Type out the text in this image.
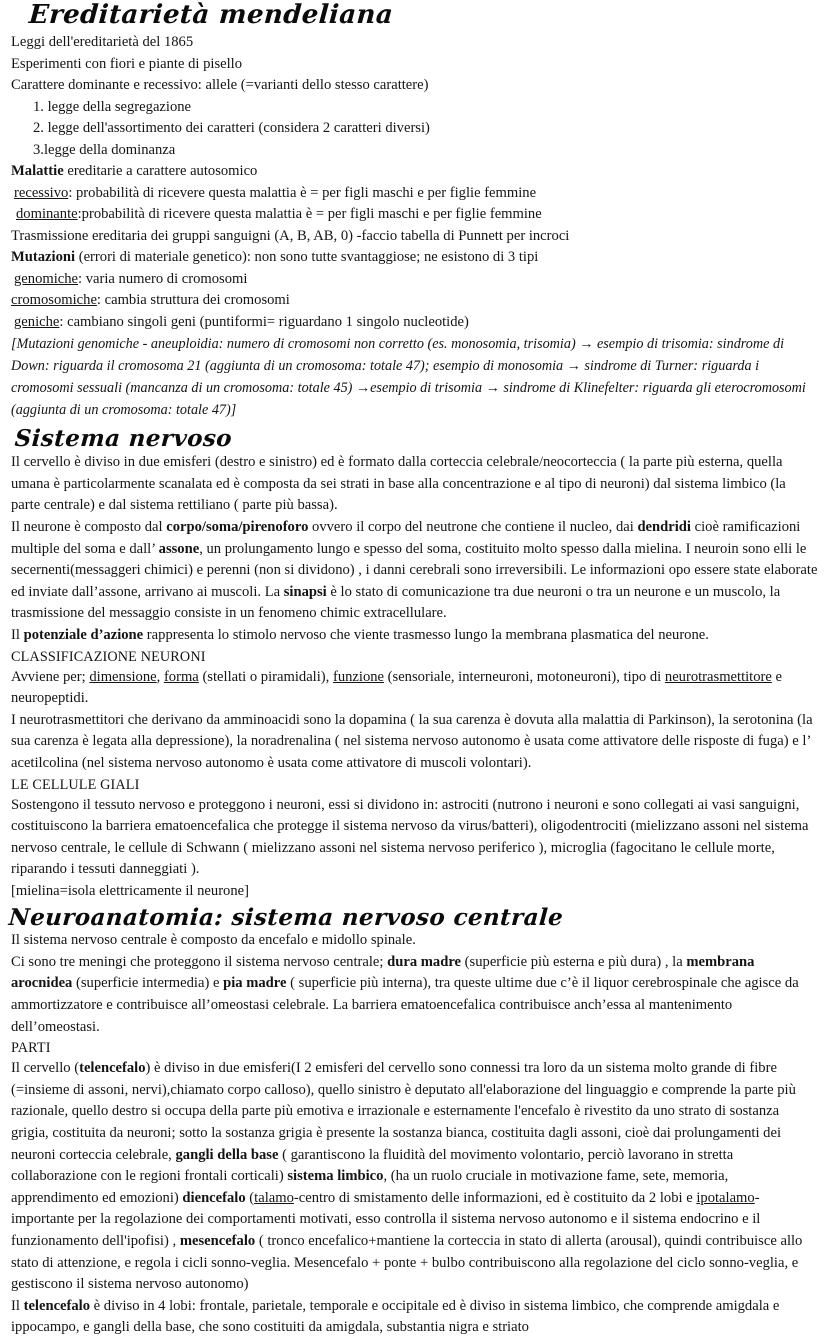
Ereditarietà mendeliana
Leggi dell'ereditarietà del 1865
Esperimenti con fiori e piante di pisello
Carattere dominante e recessivo: allele (=varianti dello stesso carattere)
1. legge della segregazione
2. legge dell'assortimento dei caratteri (considera 2 caratteri diversi)
3.legge della dominanza
Malattie ereditarie a carattere autosomico
recessivo: probabilità di ricevere questa malattia è = per figli maschi e per figlie femmine
dominante:probabilità di ricevere questa malattia è = per figli maschi e per figlie femmine
Trasmissione ereditaria dei gruppi sanguigni (A, B, AB, 0) -faccio tabella di Punnett per incroci
Mutazioni (errori di materiale genetico): non sono tutte svantaggiose; ne esistono di 3 tipi
genomiche: varia numero di cromosomi
cromosomiche: cambia struttura dei cromosomi
geniche: cambiano singoli geni (puntiformi= riguardano 1 singolo nucleotide)
[Mutazioni genomiche - aneuploidia: numero di cromosomi non corretto (es. monosomia, trisomia) → esempio di trisomia: sindrome di Down: riguarda il cromosoma 21 (aggiunta di un cromosoma: totale 47); esempio di monosomia → sindrome di Turner: riguarda i cromosomi sessuali (mancanza di un cromosoma: totale 45) →esempio di trisomia → sindrome di Klinefelter: riguarda gli eterocromosomi (aggiunta di un cromosoma: totale 47)]
Sistema nervoso
Il cervello è diviso in due emisferi (destro e sinistro) ed è formato dalla corteccia celebrale/neocorteccia ( la parte più esterna, quella umana è particolarmente scanalata ed è composta da sei strati in base alla concentrazione e al tipo di neuroni) dal sistema limbico (la parte centrale) e dal sistema rettiliano ( parte più bassa).
Il neurone è composto dal corpo/soma/pirenoforo ovvero il corpo del neutrone che contiene il nucleo, dai dendridi cioè ramificazioni multiple del soma e dall’ assone, un prolungamento lungo e spesso del soma, costituito molto spesso dalla mielina. I neuroin sono elli le secernenti(messaggeri chimici) e perenni (non si dividono) , i danni cerebrali sono irreversibili. Le informazioni opo essere state elaborate ed inviate dall’assone, arrivano ai muscoli. La sinapsi è lo stato di comunicazione tra due neuroni o tra un neurone e un muscolo, la trasmissione del messaggio consiste in un fenomeno chimic extracellulare.
Il potenziale d’azione rappresenta lo stimolo nervoso che viente trasmesso lungo la membrana plasmatica del neurone.
CLASSIFICAZIONE NEURONI
Avviene per; dimensione, forma (stellati o piramidali), funzione (sensoriale, interneuroni, motoneuroni), tipo di neurotrasmettitore e neuropeptidi.
I neurotrasmettitori che derivano da amminoacidi sono la dopamina ( la sua carenza è dovuta alla malattia di Parkinson), la serotonina (la sua carenza è legata alla depressione), la noradrenalina ( nel sistema nervoso autonomo è usata come attivatore delle risposte di fuga) e l’ acetilcolina (nel sistema nervoso autonomo è usata come attivatore di muscoli volontari).
LE CELLULE GIALI
Sostengono il tessuto nervoso e proteggono i neuroni, essi si dividono in: astrociti (nutrono i neuroni e sono collegati ai vasi sanguigni, costituiscono la barriera ematoencefalica che protegge il sistema nervoso da virus/batteri), oligodentrociti (mielizzano assoni nel sistema nervoso centrale, le cellule di Schwann ( mielizzano assoni nel sistema nervoso periferico ), microglia (fagocitano le cellule morte, riparando i tessuti danneggiati ).
[mielina=isola elettricamente il neurone]
Neuroanatomia: sistema nervoso centrale
Il sistema nervoso centrale è composto da encefalo e midollo spinale.
Ci sono tre meningi che proteggono il sistema nervoso centrale; dura madre (superficie più esterna e più dura) , la membrana arocnidea (superficie intermedia) e pia madre ( superficie più interna), tra queste ultime due c’è il liquor cerebrospinale che agisce da ammortizzatore e contribuisce all’omeostasi celebrale. La barriera ematoencefalica contribuisce anch’essa al mantenimento dell’omeostasi.
PARTI
Il cervello (telencefalo) è diviso in due emisferi(I 2 emisferi del cervello sono connessi tra loro da un sistema molto grande di fibre (=insieme di assoni, nervi),chiamato corpo calloso), quello sinistro è deputato all'elaborazione del linguaggio e comprende la parte più razionale, quello destro si occupa della parte più emotiva e irrazionale e esternamente l'encefalo è rivestito da uno strato di sostanza grigia, costituita da neuroni; sotto la sostanza grigia è presente la sostanza bianca, costituita dagli assoni, cioè dai prolungamenti dei neuroni corteccia celebrale, gangli della base ( garantiscono la fluidità del movimento volontario, perciò lavorano in stretta collaborazione con le regioni frontali corticali) sistema limbico, (ha un ruolo cruciale in motivazione fame, sete, memoria, apprendimento ed emozioni) diencefalo (talamo-centro di smistamento delle informazioni, ed è costituito da 2 lobi e ipotalamo- importante per la regolazione dei comportamenti motivati, esso controlla il sistema nervoso autonomo e il sistema endocrino e il funzionamento dell'ipofisi) , mesencefalo ( tronco encefalico+mantiene la corteccia in stato di allerta (arousal), quindi contribuisce allo stato di attenzione, e regola i cicli sonno-veglia. Mesencefalo + ponte + bulbo contribuiscono alla regolazione del ciclo sonno-veglia, e gestiscono il sistema nervoso autonomo)
Il telencefalo è diviso in 4 lobi: frontale, parietale, temporale e occipitale ed è diviso in sistema limbico, che comprende amigdala e ippocampo, e gangli della base, che sono costituiti da amigdala, substantia nigra e striato
